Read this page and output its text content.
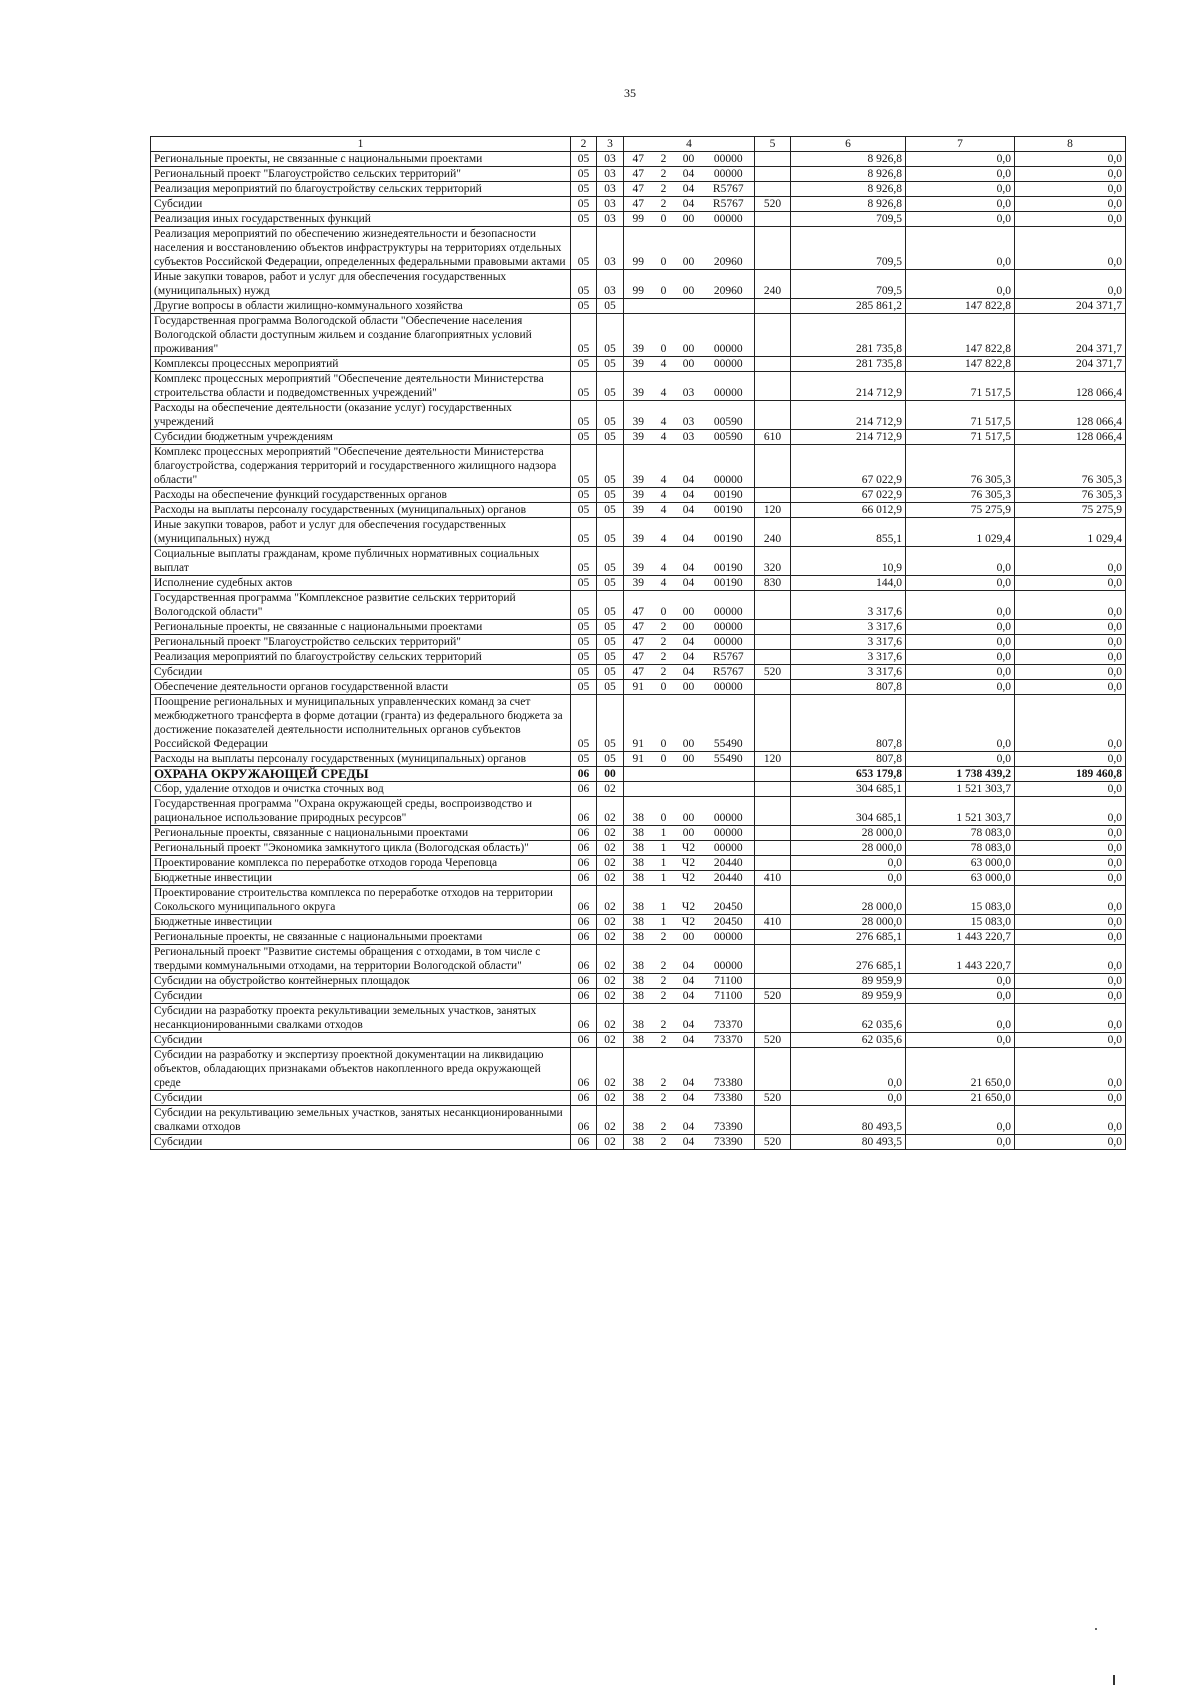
35
1	2	3	4				5	6	7	8
Региональные проекты, не связанные с национальными проектами	05	03	47	2	00	00000		8 926,8	0,0	0,0
Региональный проект "Благоустройство сельских территорий"	05	03	47	2	04	00000		8 926,8	0,0	0,0
Реализация мероприятий по благоустройству сельских территорий	05	03	47	2	04	R5767		8 926,8	0,0	0,0
Субсидии	05	03	47	2	04	R5767	520	8 926,8	0,0	0,0
Реализация иных государственных функций	05	03	99	0	00	00000		709,5	0,0	0,0
Реализация мероприятий по обеспечению жизнедеятельности и безопасности населения и восстановлению объектов инфраструктуры на территориях отдельных субъектов Российской Федерации, определенных федеральными правовыми актами	05	03	99	0	00	20960		709,5	0,0	0,0
Иные закупки товаров, работ и услуг для обеспечения государственных (муниципальных) нужд	05	03	99	0	00	20960	240	709,5	0,0	0,0
Другие вопросы в области жилищно-коммунального хозяйства	05	05						285 861,2	147 822,8	204 371,7
Государственная программа Вологодской области "Обеспечение населения Вологодской области доступным жильем и создание благоприятных условий проживания"	05	05	39	0	00	00000		281 735,8	147 822,8	204 371,7
Комплексы процессных мероприятий	05	05	39	4	00	00000		281 735,8	147 822,8	204 371,7
Комплекс процессных мероприятий "Обеспечение деятельности Министерства строительства области и подведомственных учреждений"	05	05	39	4	03	00000		214 712,9	71 517,5	128 066,4
Расходы на обеспечение деятельности (оказание услуг) государственных учреждений	05	05	39	4	03	00590		214 712,9	71 517,5	128 066,4
Субсидии бюджетным учреждениям	05	05	39	4	03	00590	610	214 712,9	71 517,5	128 066,4
Комплекс процессных мероприятий "Обеспечение деятельности Министерства благоустройства, содержания территорий и государственного жилищного надзора области"	05	05	39	4	04	00000		67 022,9	76 305,3	76 305,3
Расходы на обеспечение функций государственных органов	05	05	39	4	04	00190		67 022,9	76 305,3	76 305,3
Расходы на выплаты персоналу государственных (муниципальных) органов	05	05	39	4	04	00190	120	66 012,9	75 275,9	75 275,9
Иные закупки товаров, работ и услуг для обеспечения государственных (муниципальных) нужд	05	05	39	4	04	00190	240	855,1	1 029,4	1 029,4
Социальные выплаты гражданам, кроме публичных нормативных социальных выплат	05	05	39	4	04	00190	320	10,9	0,0	0,0
Исполнение судебных актов	05	05	39	4	04	00190	830	144,0	0,0	0,0
Государственная программа "Комплексное развитие сельских территорий Вологодской области"	05	05	47	0	00	00000		3 317,6	0,0	0,0
Региональные проекты, не связанные с национальными проектами	05	05	47	2	00	00000		3 317,6	0,0	0,0
Региональный проект "Благоустройство сельских территорий"	05	05	47	2	04	00000		3 317,6	0,0	0,0
Реализация мероприятий по благоустройству сельских территорий	05	05	47	2	04	R5767		3 317,6	0,0	0,0
Субсидии	05	05	47	2	04	R5767	520	3 317,6	0,0	0,0
Обеспечение деятельности органов государственной власти	05	05	91	0	00	00000		807,8	0,0	0,0
Поощрение региональных и муниципальных управленческих команд за счет межбюджетного трансферта в форме дотации (гранта) из федерального бюджета за достижение показателей деятельности исполнительных органов субъектов Российской Федерации	05	05	91	0	00	55490		807,8	0,0	0,0
Расходы на выплаты персоналу государственных (муниципальных) органов	05	05	91	0	00	55490	120	807,8	0,0	0,0
ОХРАНА ОКРУЖАЮЩЕЙ СРЕДЫ	06	00						653 179,8	1 738 439,2	189 460,8
Сбор, удаление отходов и очистка сточных вод	06	02						304 685,1	1 521 303,7	0,0
Государственная программа "Охрана окружающей среды, воспроизводство и рациональное использование природных ресурсов"	06	02	38	0	00	00000		304 685,1	1 521 303,7	0,0
Региональные проекты, связанные с национальными проектами	06	02	38	1	00	00000		28 000,0	78 083,0	0,0
Региональный проект "Экономика замкнутого цикла (Вологодская область)"	06	02	38	1	Ч2	00000		28 000,0	78 083,0	0,0
Проектирование комплекса по переработке отходов города Череповца	06	02	38	1	Ч2	20440		0,0	63 000,0	0,0
Бюджетные инвестиции	06	02	38	1	Ч2	20440	410	0,0	63 000,0	0,0
Проектирование строительства комплекса по переработке отходов на территории Сокольского муниципального округа	06	02	38	1	Ч2	20450		28 000,0	15 083,0	0,0
Бюджетные инвестиции	06	02	38	1	Ч2	20450	410	28 000,0	15 083,0	0,0
Региональные проекты, не связанные с национальными проектами	06	02	38	2	00	00000		276 685,1	1 443 220,7	0,0
Региональный проект "Развитие системы обращения с отходами, в том числе с твердыми коммунальными отходами, на территории Вологодской области"	06	02	38	2	04	00000		276 685,1	1 443 220,7	0,0
Субсидии на обустройство контейнерных площадок	06	02	38	2	04	71100		89 959,9	0,0	0,0
Субсидии	06	02	38	2	04	71100	520	89 959,9	0,0	0,0
Субсидии на разработку проекта рекультивации земельных участков, занятых несанкционированными свалками отходов	06	02	38	2	04	73370		62 035,6	0,0	0,0
Субсидии	06	02	38	2	04	73370	520	62 035,6	0,0	0,0
Субсидии на разработку и экспертизу проектной документации на ликвидацию объектов, обладающих признаками объектов накопленного вреда окружающей среде	06	02	38	2	04	73380		0,0	21 650,0	0,0
Субсидии	06	02	38	2	04	73380	520	0,0	21 650,0	0,0
Субсидии на рекультивацию земельных участков, занятых несанкционированными свалками отходов	06	02	38	2	04	73390		80 493,5	0,0	0,0
Субсидии	06	02	38	2	04	73390	520	80 493,5	0,0	0,0
